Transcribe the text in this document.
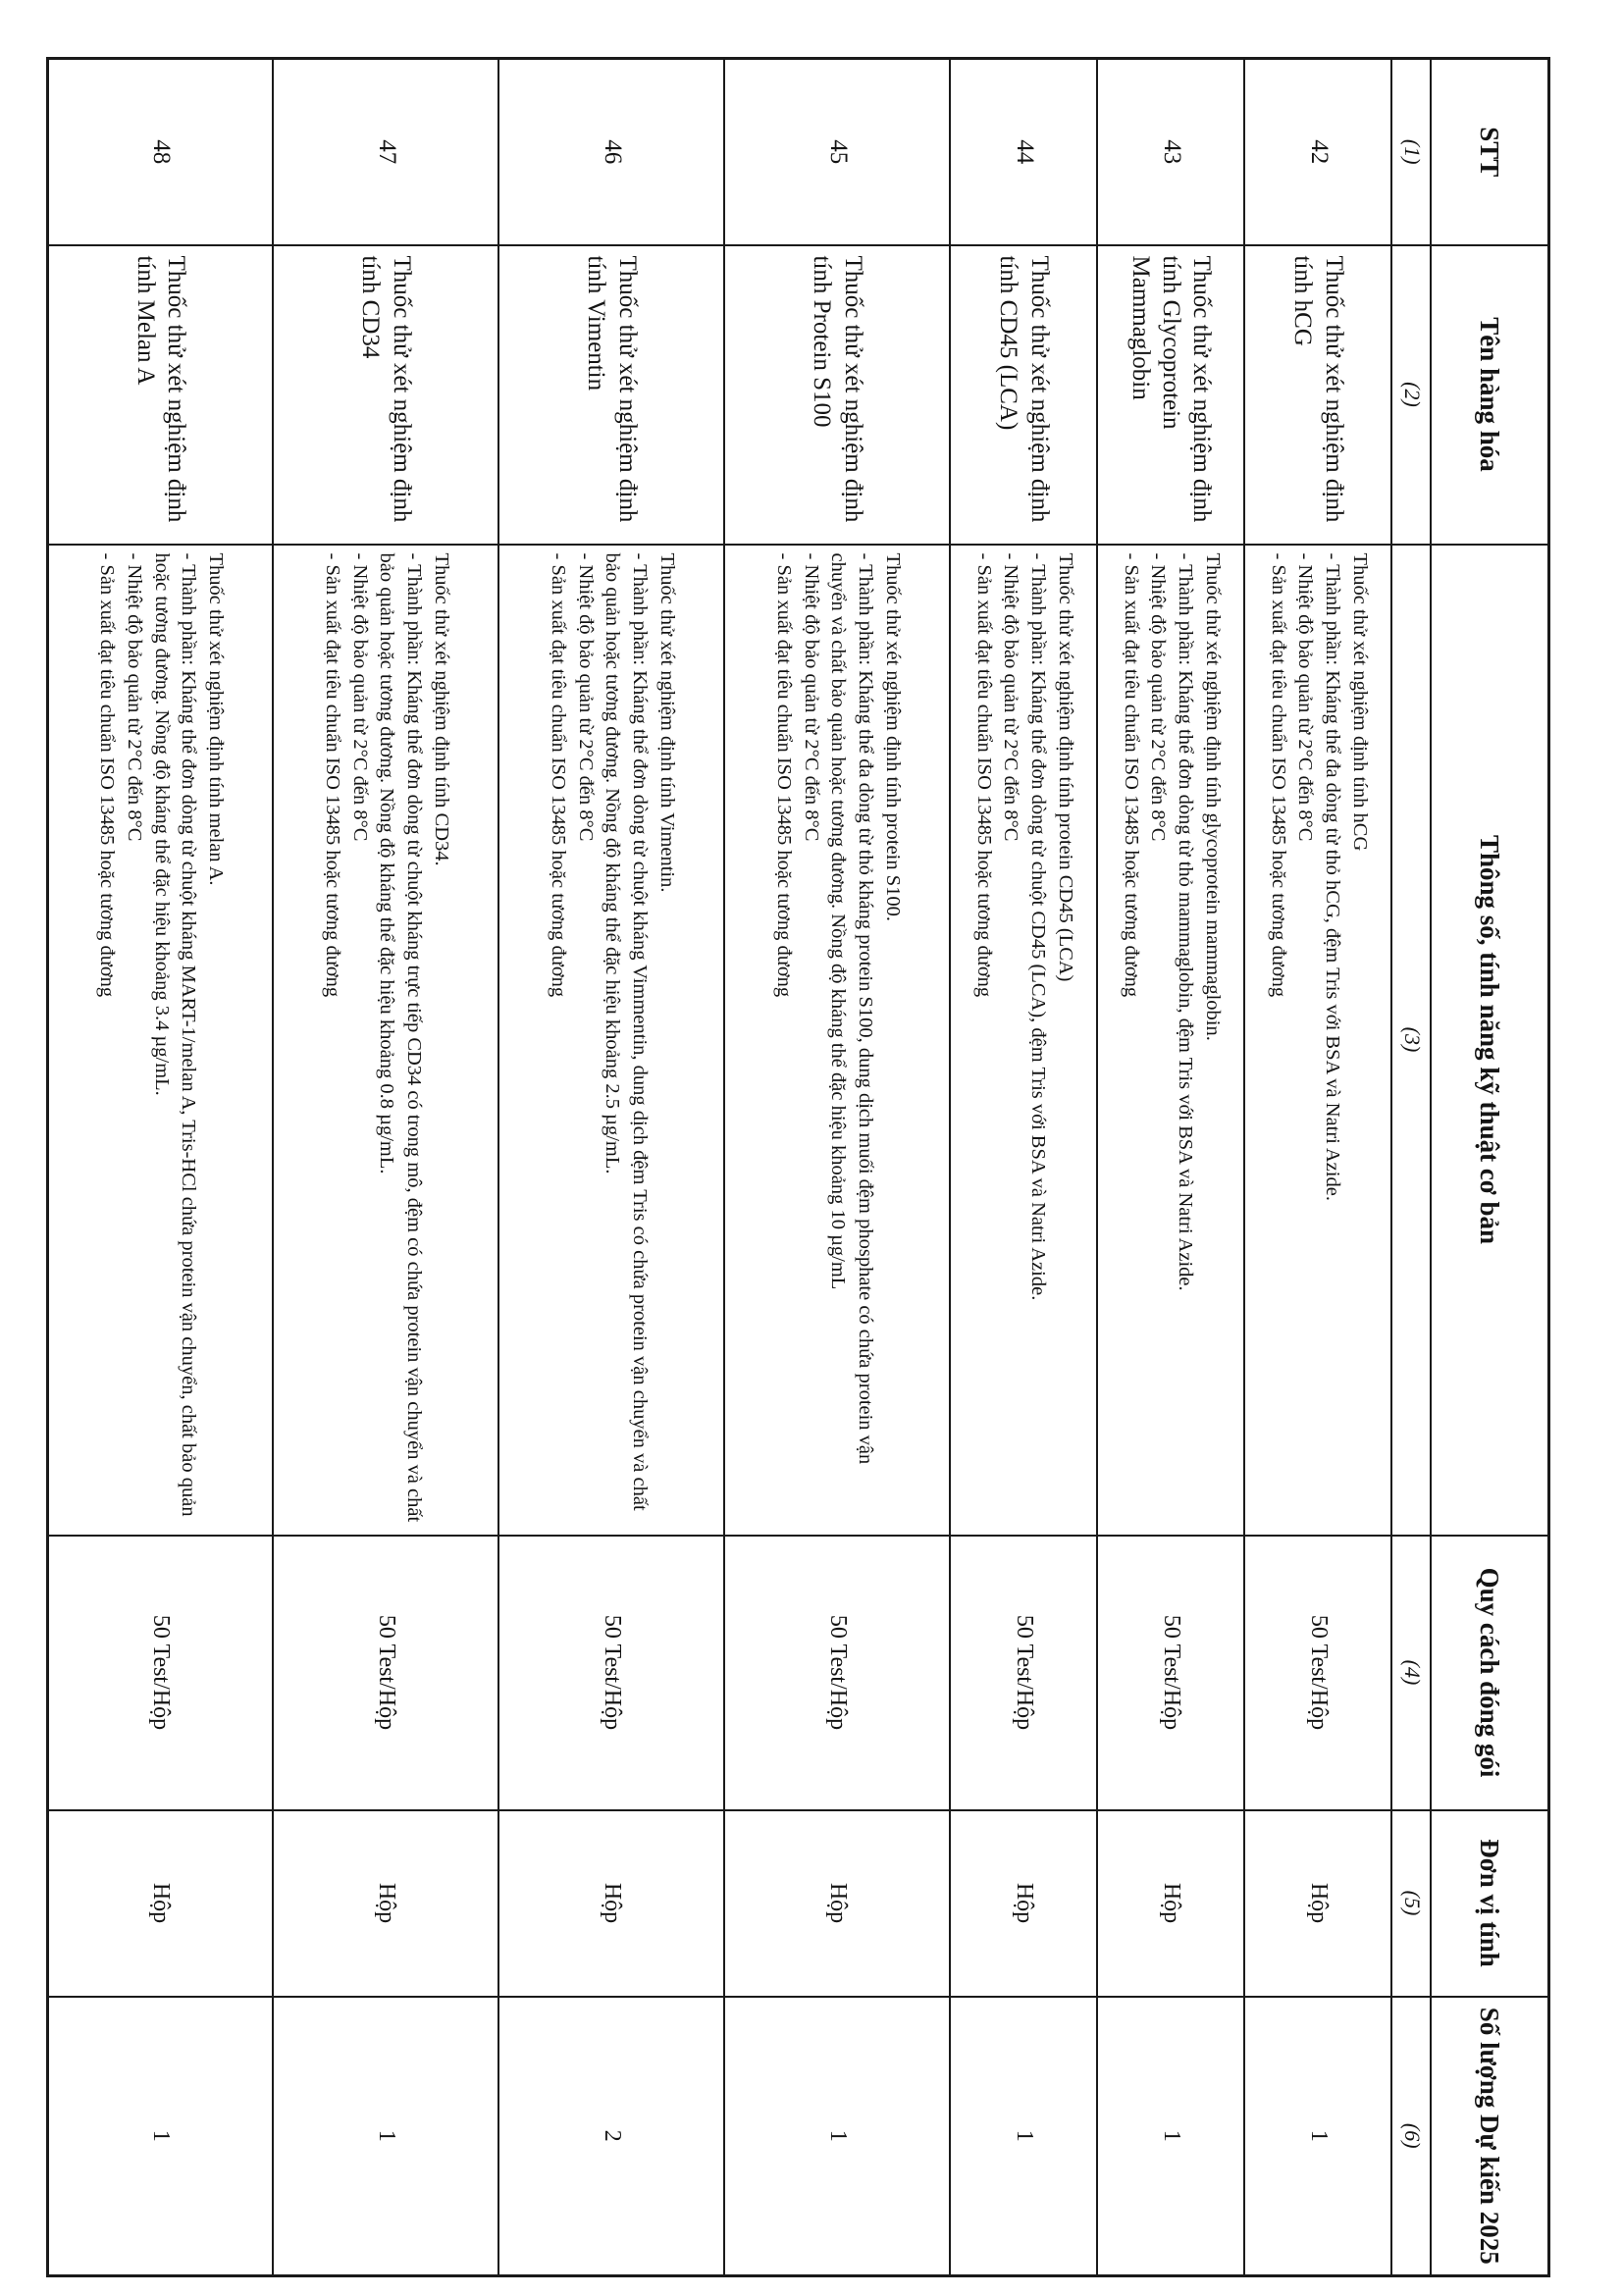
STT	Tên hàng hóa	Thông số, tính năng kỹ thuật cơ bản	Quy cách đóng gói	Đơn vị tính	Số lượng Dự kiến 2025
(1)	(2)	(3)	(4)	(5)	(6)
42	Thuốc thử xét nghiệm định tính hCG	Thuốc thử xét nghiệm định tính hCG
- Thành phần: Kháng thể đa dòng từ thỏ hCG, đệm Tris với BSA và Natri Azide.
- Nhiệt độ bảo quản từ 2°C đến 8°C
- Sản xuất đạt tiêu chuẩn ISO 13485 hoặc tương đương	50 Test/Hộp	Hộp	1
43	Thuốc thử xét nghiệm định tính Glycoprotein Mammaglobin	Thuốc thử xét nghiệm định tính glycoprotein mammaglobin.
- Thành phần: Kháng thể đơn dòng từ thỏ mammaglobin, đệm Tris với BSA và Natri Azide.
- Nhiệt độ bảo quản từ 2°C đến 8°C
- Sản xuất đạt tiêu chuẩn ISO 13485 hoặc tương đương	50 Test/Hộp	Hộp	1
44	Thuốc thử xét nghiệm định tính CD45 (LCA)	Thuốc thử xét nghiệm định tính protein CD45 (LCA)
- Thành phần: Kháng thể đơn dòng từ chuột CD45 (LCA), đệm Tris với BSA và Natri Azide.
- Nhiệt độ bảo quản từ 2°C đến 8°C
- Sản xuất đạt tiêu chuẩn ISO 13485 hoặc tương đương	50 Test/Hộp	Hộp	1
45	Thuốc thử xét nghiệm định tính Protein S100	Thuốc thử xét nghiệm định tính protein S100.
- Thành phần: Kháng thể đa dòng từ thỏ kháng protein S100, dung dịch muối đệm phosphate có chứa protein vận chuyển và chất bảo quản hoặc tương đương. Nồng độ kháng thể đặc hiệu khoảng 10 µg/mL
- Nhiệt độ bảo quản từ 2°C đến 8°C
- Sản xuất đạt tiêu chuẩn ISO 13485 hoặc tương đương	50 Test/Hộp	Hộp	1
46	Thuốc thử xét nghiệm định tính Vimentin	Thuốc thử xét nghiệm định tính Vimentin.
- Thành phần: Kháng thể đơn dòng từ chuột kháng Vimmentin, dung dịch đệm Tris có chứa protein vận chuyển và chất bảo quản hoặc tương đương. Nồng độ kháng thể đặc hiệu khoảng 2.5 µg/mL.
- Nhiệt độ bảo quản từ 2°C đến 8°C
- Sản xuất đạt tiêu chuẩn ISO 13485 hoặc tương đương	50 Test/Hộp	Hộp	2
47	Thuốc thử xét nghiệm định tính CD34	Thuốc thử xét nghiệm định tính CD34.
- Thành phần: Kháng thể đơn dòng từ chuột kháng trực tiếp CD34 có trong mô, đệm có chứa protein vận chuyển và chất bảo quản hoặc tương đương. Nồng độ kháng thể đặc hiệu khoảng 0.8 µg/mL.
- Nhiệt độ bảo quản từ 2°C đến 8°C
- Sản xuất đạt tiêu chuẩn ISO 13485 hoặc tương đương	50 Test/Hộp	Hộp	1
48	Thuốc thử xét nghiệm định tính Melan A	Thuốc thử xét nghiệm định tính melan A.
- Thành phần: Kháng thể đơn dòng từ chuột kháng MART-1/melan A, Tris-HCl chứa protein vận chuyển, chất bảo quản hoặc tương đương. Nồng độ kháng thể đặc hiệu khoảng 3.4 µg/mL.
- Nhiệt độ bảo quản từ 2°C đến 8°C
- Sản xuất đạt tiêu chuẩn ISO 13485 hoặc tương đương	50 Test/Hộp	Hộp	1
